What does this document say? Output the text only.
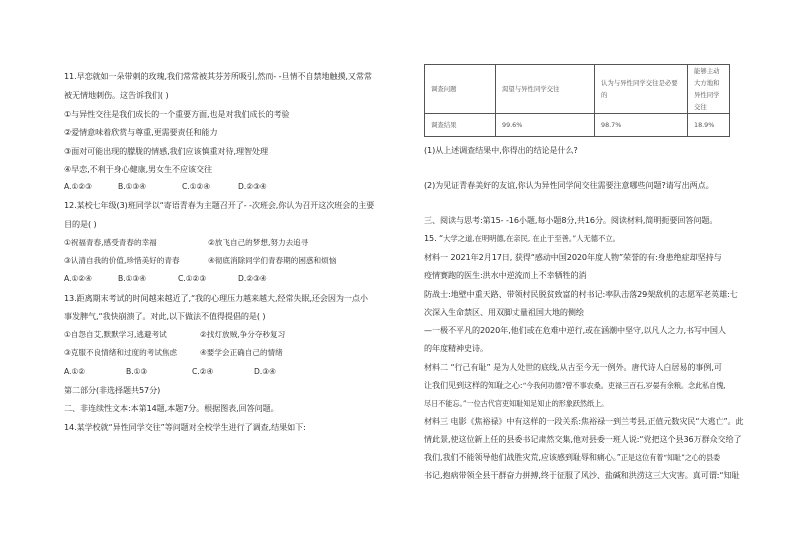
11.早恋就如一朵带刺的玫瑰,我们常常被其芬芳所吸引,然而- -旦情不自禁地触摸,又常常
被无情地刺伤。这告诉我们( )
①与异性交往是我们成长的一个重要方面,也是对我们成长的考验
②爱情意味着欣赏与尊重,更需要责任和能力
③面对可能出现的朦胧的情感,我们应该慎重对待,理智处理
④早恋,不利于身心健康,男女生不应该交往
A.①②③	B.①③④	C.①②④	D.②③④
12.某校七年级(3)班同学以“寄语青春为主题召开了- -次班会,你认为召开这次班会的主要
目的是( )
①祝福青春,感受青春的幸福	②放飞自己的梦想,努力去追寻
③认清自我的价值,珍惜美好的青春	④彻底消除同学们青春期的困惑和烦恼
A.①②④	B.①③④	C.①②③	D.②③④
13.距离期末考试的时间越来越近了,“我的心理压力越来越大,经常失眠,还会因为一点小
事发脾气,“我快崩溃了。对此,以下做法不值得提倡的是( )
①自怨自艾,默默学习,逃避考试	②找灯放贼,争分夺秒复习
③克服不良情绪和过度的考试焦虑	④要学会正确自己的情绪
A.①②	B.①③	C.②④	D.③④
第二部分(非选择题共57分)
二、非连续性文本:本第14题,本题7分。根据图表,回答问题。
14.某学校就“异性同学交往”等问题对全校学生进行了调查,结果如下:
调查问题	渴望与异性同学交往	认为与异性同学交往是必要的	能够主动大方地和异性同学交往
调查结果	99.6%	98.7%	18.9%
(1)从上述调查结果中,你得出的结论是什么?
(2)为见证青春美好的友谊,你认为异性同学间交往需要注意哪些问题?请写出两点。
三、阅读与思考:第15- -16小题,每小题8分,共16分。阅读材料,简明扼要回答问题。
15. “大学之道,在明明德,在亲民, 在止于至善。”人无德不立。
材料一 2021年2月17日, 获得“感动中国2020年度人物”荣誉的有:身患绝症却坚持与
疫情赛跑的医生:洪水中逆流而上不幸牺牲的消
防战士:地壁中重天路、带领村民脱贫致富的村书记:率队击落29架敌机的志愿军老英雄:七
次深入生命禁区、用双脚丈量祖国大地的侧绘
—一极不平凡的2020年,他们或在危难中逆行,或在涵潮中坚守,以凡人之力,书写中国人
的年度精神史诗。
材料二 “行己有耻” 是为人处世的底线,从古至今无一例外。唐代诗人白居易的事例,可
让我们见到这样的知耻之心:“今我何功德?曾不事农桑。吏禄三百石,岁晏有余粮。念此私自愧,
尽日不能忘。”一位古代官吏知耻知足知止的形象跃然纸上。
材料三 电影《焦裕禄》中有这样的一段关系:焦裕禄一到兰考县,正值元数灾民“大逃亡”。此
情此景,使这位新上任的县委书记肃然交集,他对县委一班人说:“党把这个县36万群众交给了
我们,我们不能领导他们战胜灾荒,应该感到耻辱和痛心。”正是这位有着“知耻”之心的县委
书记,抱病带领全县干群奋力拼搏,终于征服了风沙、盐碱和洪涝这三大灾害。真可谓:“知耻
